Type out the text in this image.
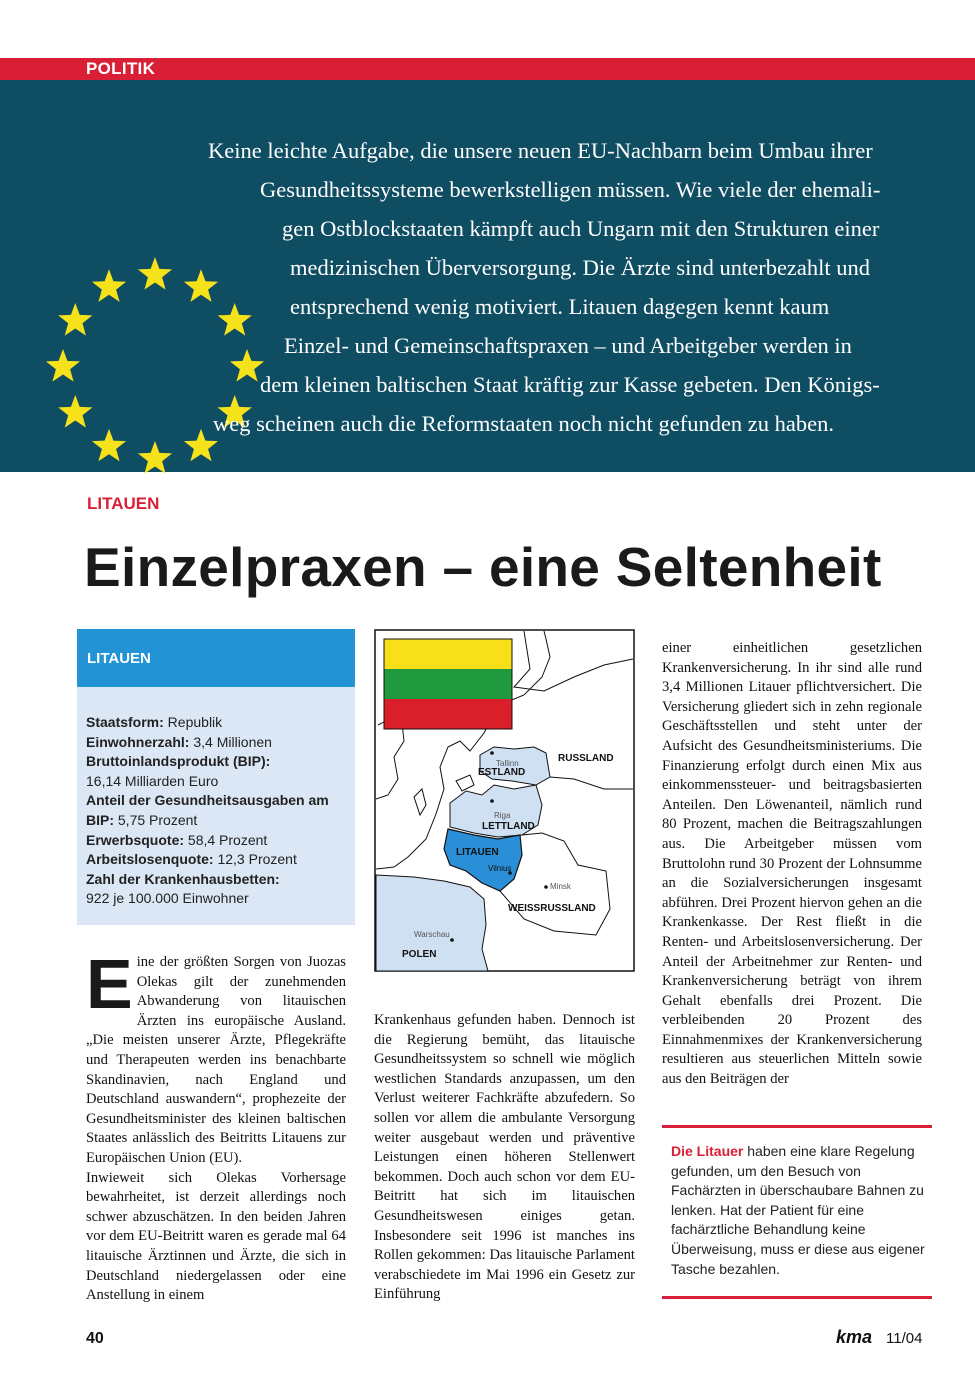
POLITIK
Keine leichte Aufgabe, die unsere neuen EU-Nachbarn beim Umbau ihrer
Gesundheitssysteme bewerkstelligen müssen. Wie viele der ehemali-
gen Ostblockstaaten kämpft auch Ungarn mit den Strukturen einer
medizinischen Überversorgung. Die Ärzte sind unterbezahlt und
entsprechend wenig motiviert. Litauen dagegen kennt kaum
Einzel- und Gemeinschaftspraxen – und Arbeitgeber werden in
dem kleinen baltischen Staat kräftig zur Kasse gebeten. Den Königs-
weg scheinen auch die Reformstaaten noch nicht gefunden zu haben.
LITAUEN
Einzelpraxen – eine Seltenheit
LITAUEN
Staatsform: Republik
Einwohnerzahl: 3,4 Millionen
Bruttoinlandsprodukt (BIP):
16,14 Milliarden Euro
Anteil der Gesundheitsausgaben am
BIP: 5,75 Prozent
Erwerbsquote: 58,4 Prozent
Arbeitslosenquote: 12,3 Prozent
Zahl der Krankenhausbetten:
922 je 100.000 Einwohner

Eine der größten Sorgen von Juozas Olekas gilt der zunehmenden Abwanderung von litauischen Ärzten ins europäische Ausland. „Die meisten unserer Ärzte, Pflegekräfte und Therapeuten werden ins benachbarte Skandinavien, nach England und Deutschland auswandern“, prophezeite der Gesundheitsminister des kleinen baltischen Staates anlässlich des Beitritts Litauens zur Europäischen Union (EU).

Inwieweit sich Olekas Vorhersage bewahrheitet, ist derzeit allerdings noch schwer abzuschätzen. In den beiden Jahren vor dem EU-Beitritt waren es gerade mal 64 litauische Ärztinnen und Ärzte, die sich in Deutschland niedergelassen oder eine Anstellung in einem

Tallinn
ESTLAND
Riga
LETTLAND
LITAUEN
Vilnius
RUSSLAND
Minsk
WEISSRUSSLAND
Warschau
POLEN

Krankenhaus gefunden haben. Dennoch ist die Regierung bemüht, das litauische Gesundheitssystem so schnell wie möglich westlichen Standards anzupassen, um den Verlust weiterer Fachkräfte abzufedern. So sollen vor allem die ambulante Versorgung weiter ausgebaut werden und präventive Leistungen einen höheren Stellenwert bekommen. Doch auch schon vor dem EU-Beitritt hat sich im litauischen Gesundheitswesen einiges getan. Insbesondere seit 1996 ist manches ins Rollen gekommen: Das litauische Parlament verabschiedete im Mai 1996 ein Gesetz zur Einführung

einer einheitlichen gesetzlichen Krankenversicherung. In ihr sind alle rund 3,4 Millionen Litauer pflichtversichert. Die Versicherung gliedert sich in zehn regionale Geschäftsstellen und steht unter der Aufsicht des Gesundheitsministeriums. Die Finanzierung erfolgt durch einen Mix aus einkommenssteuer- und beitragsbasierten Anteilen. Den Löwenanteil, nämlich rund 80 Prozent, machen die Beitragszahlungen aus. Die Arbeitgeber müssen vom Bruttolohn rund 30 Prozent der Lohnsumme an die Sozialversicherungen insgesamt abführen. Drei Prozent hiervon gehen an die Krankenkasse. Der Rest fließt in die Renten- und Arbeitslosenversicherung. Der Anteil der Arbeitnehmer zur Renten- und Krankenversicherung beträgt von ihrem Gehalt ebenfalls drei Prozent. Die verbleibenden 20 Prozent des Einnahmenmixes der Krankenversicherung resultieren aus steuerlichen Mitteln sowie aus den Beiträgen der

Die Litauer haben eine klare Regelung gefunden, um den Besuch von Fachärzten in überschaubare Bahnen zu lenken. Hat der Patient für eine fachärztliche Behandlung keine Überweisung, muss er diese aus eigener Tasche bezahlen.
40	kma 11/04
